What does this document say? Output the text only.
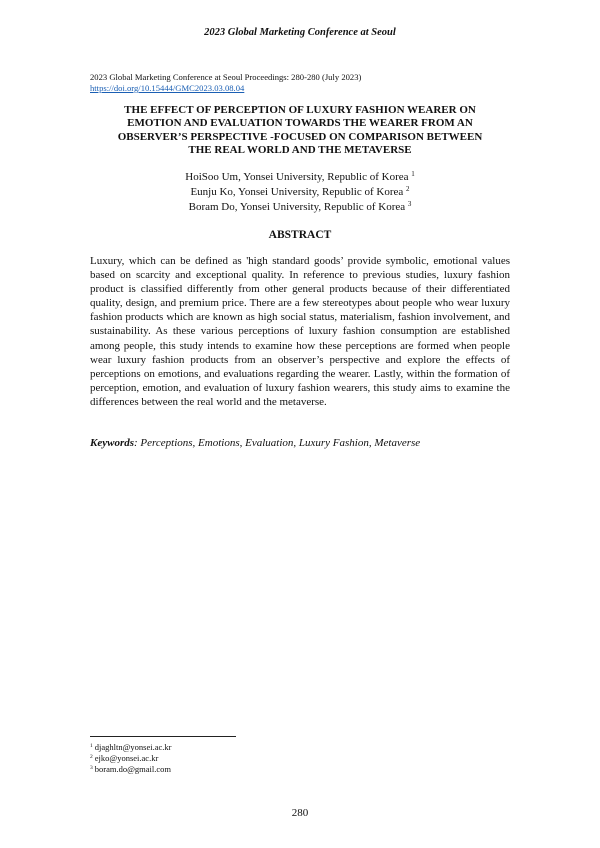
2023 Global Marketing Conference at Seoul
2023 Global Marketing Conference at Seoul Proceedings: 280-280 (July 2023)
https://doi.org/10.15444/GMC2023.03.08.04
THE EFFECT OF PERCEPTION OF LUXURY FASHION WEARER ON
EMOTION AND EVALUATION TOWARDS THE WEARER FROM AN
OBSERVER’S PERSPECTIVE -FOCUSED ON COMPARISON BETWEEN
THE REAL WORLD AND THE METAVERSE
HoiSoo Um, Yonsei University, Republic of Korea $^1$
Eunju Ko, Yonsei University, Republic of Korea $^2$
Boram Do, Yonsei University, Republic of Korea $^3$
ABSTRACT
Luxury, which can be defined as 'high standard goods’ provide symbolic, emotional values based on scarcity and exceptional quality. In reference to previous studies, luxury fashion product is classified differently from other general products because of their differentiated quality, design, and premium price. There are a few stereotypes about people who wear luxury fashion products which are known as high social status, materialism, fashion involvement, and sustainability. As these various perceptions of luxury fashion consumption are established among people, this study intends to examine how these perceptions are formed when people wear luxury fashion products from an observer’s perspective and explore the effects of perceptions on emotions, and evaluations regarding the wearer. Lastly, within the formation of perception, emotion, and evaluation of luxury fashion wearers, this study aims to examine the differences between the real world and the metaverse.
Keywords: Perceptions, Emotions, Evaluation, Luxury Fashion, Metaverse
$^1$ djaghltn@yonsei.ac.kr
$^2$ ejko@yonsei.ac.kr
$^3$ boram.do@gmail.com
280
